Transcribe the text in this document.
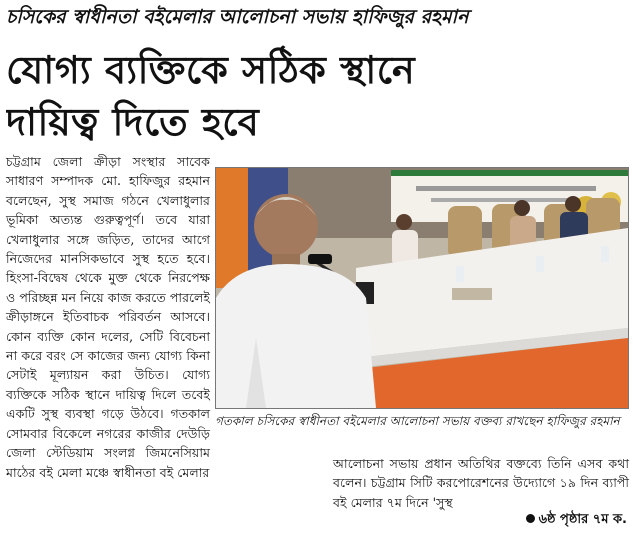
চসিকের স্বাধীনতা বইমেলার আলোচনা সভায় হাফিজুর রহমান
যোগ্য ব্যক্তিকে সঠিক স্থানে
দায়িত্ব দিতে হবে
চট্টগ্রাম জেলা ক্রীড়া সংস্থার সাবেক সাধারণ সম্পাদক মো. হাফিজুর রহমান বলেছেন, সুস্থ সমাজ গঠনে খেলাধুলার ভূমিকা অত্যন্ত গুরুত্বপূর্ণ। তবে যারা খেলাধুলার সঙ্গে জড়িত, তাদের আগে নিজেদের মানসিকভাবে সুস্থ হতে হবে। হিংসা-বিদ্বেষ থেকে মুক্ত থেকে নিরপেক্ষ ও পরিচ্ছন্ন মন নিয়ে কাজ করতে পারলেই ক্রীড়াঙ্গনে ইতিবাচক পরিবর্তন আসবে। কোন ব্যক্তি কোন দলের, সেটি বিবেচনা না করে বরং সে কাজের জন্য যোগ্য কিনা সেটাই মূল্যায়ন করা উচিত। যোগ্য ব্যক্তিকে সঠিক স্থানে দায়িত্ব দিলে তবেই একটি সুস্থ ব্যবস্থা গড়ে উঠবে। গতকাল সোমবার বিকেলে নগরের কাজীর দেউড়ি জেলা স্টেডিয়াম সংলগ্ন জিমনেসিয়াম মাঠের বই মেলা মঞ্চে স্বাধীনতা বই মেলার
গতকাল চসিকের স্বাধীনতা বইমেলার আলোচনা সভায় বক্তব্য রাখছেন হাফিজুর রহমান
আলোচনা সভায় প্রধান অতিথির বক্তব্যে তিনি এসব কথা বলেন। চট্টগ্রাম সিটি করপোরেশনের উদ্যোগে ১৯ দিন ব্যাপী বই মেলার ৭ম দিনে 'সুস্থ
৬ষ্ঠ পৃষ্ঠার ৭ম ক.
